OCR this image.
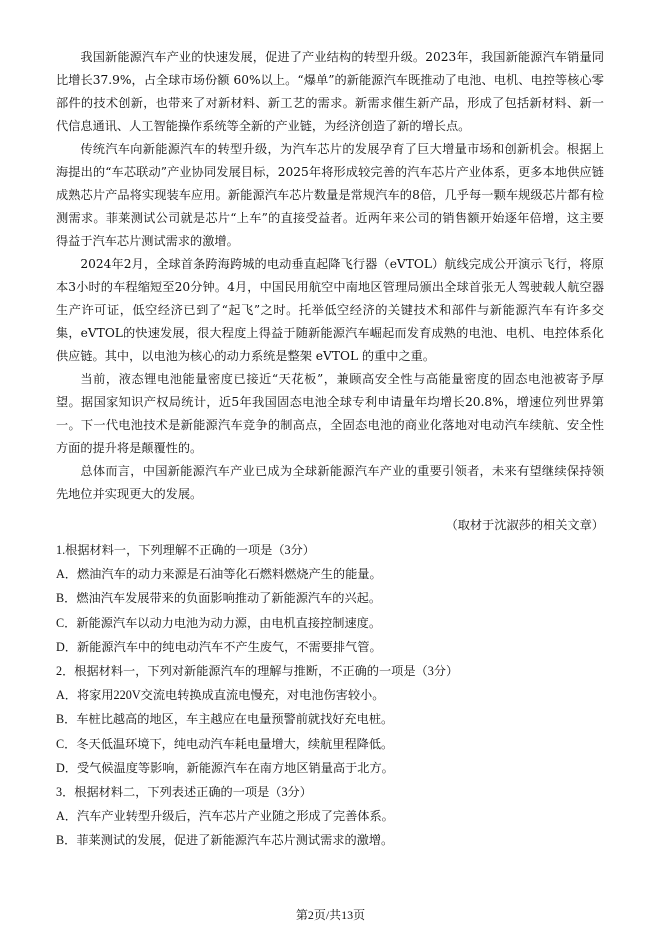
我国新能源汽车产业的快速发展，促进了产业结构的转型升级。2023年，我国新能源汽车销量同比增长37.9%，占全球市场份额 60%以上。“爆单”的新能源汽车既推动了电池、电机、电控等核心零部件的技术创新，也带来了对新材料、新工艺的需求。新需求催生新产品，形成了包括新材料、新一代信息通讯、人工智能操作系统等全新的产业链，为经济创造了新的增长点。

传统汽车向新能源汽车的转型升级，为汽车芯片的发展孕育了巨大增量市场和创新机会。根据上海提出的“车芯联动”产业协同发展目标，2025年将形成较完善的汽车芯片产业体系，更多本地供应链成熟芯片产品将实现装车应用。新能源汽车芯片数量是常规汽车的8倍，几乎每一颗车规级芯片都有检测需求。菲莱测试公司就是芯片“上车”的直接受益者。近两年来公司的销售额开始逐年倍增，这主要得益于汽车芯片测试需求的激增。

2024年2月，全球首条跨海跨城的电动垂直起降飞行器（eVTOL）航线完成公开演示飞行，将原本3小时的车程缩短至20分钟。4月，中国民用航空中南地区管理局颁出全球首张无人驾驶载人航空器生产许可证，低空经济已到了“起飞”之时。托举低空经济的关键技术和部件与新能源汽车有许多交集，eVTOL的快速发展，很大程度上得益于随新能源汽车崛起而发育成熟的电池、电机、电控体系化供应链。其中，以电池为核心的动力系统是整架 eVTOL 的重中之重。

当前，液态锂电池能量密度已接近“天花板”，兼顾高安全性与高能量密度的固态电池被寄予厚望。据国家知识产权局统计，近5年我国固态电池全球专利申请量年均增长20.8%，增速位列世界第一。下一代电池技术是新能源汽车竞争的制高点，全固态电池的商业化落地对电动汽车续航、安全性方面的提升将是颠覆性的。

总体而言，中国新能源汽车产业已成为全球新能源汽车产业的重要引领者，未来有望继续保持领先地位并实现更大的发展。

（取材于沈淑莎的相关文章）

1.根据材料一，下列理解不正确的一项是（3分）

A．燃油汽车的动力来源是石油等化石燃料燃烧产生的能量。

B．燃油汽车发展带来的负面影响推动了新能源汽车的兴起。

C．新能源汽车以动力电池为动力源，由电机直接控制速度。

D．新能源汽车中的纯电动汽车不产生废气，不需要排气管。

2．根据材料一，下列对新能源汽车的理解与推断，不正确的一项是（3分）

A．将家用220V交流电转换成直流电慢充，对电池伤害较小。

B．车桩比越高的地区，车主越应在电量预警前就找好充电桩。

C．冬天低温环境下，纯电动汽车耗电量增大，续航里程降低。

D．受气候温度等影响，新能源汽车在南方地区销量高于北方。

3．根据材料二，下列表述正确的一项是（3分）

A．汽车产业转型升级后，汽车芯片产业随之形成了完善体系。

B．菲莱测试的发展，促进了新能源汽车芯片测试需求的激增。

第2页/共13页
